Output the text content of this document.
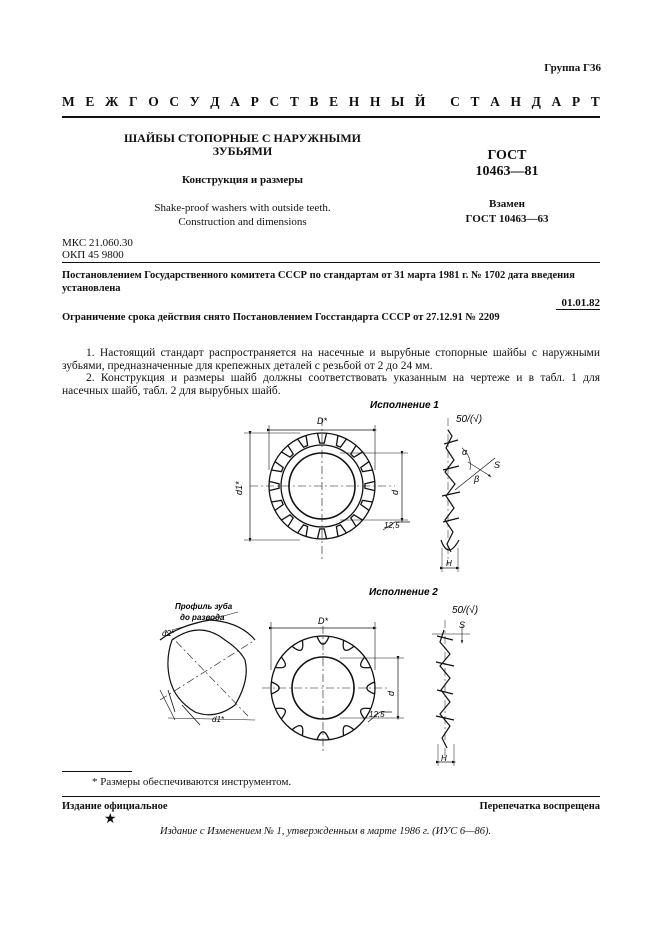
Группа Г36
М Е Ж Г О С У Д А Р С Т В Е Н Н Ы Й
С Т А Н Д А Р Т
ШАЙБЫ СТОПОРНЫЕ С НАРУЖНЫМИ
ЗУБЬЯМИ
Конструкция и размеры
Shake-proof washers with outside teeth.
Construction and dimensions
ГОСТ
10463—81
Взамен
ГОСТ 10463—63
МКС 21.060.30
ОКП 45 9800
Постановлением Государственного комитета СССР по стандартам от 31 марта 1981 г. № 1702 дата введения установлена
01.01.82
Ограничение срока действия снято Постановлением Госстандарта СССР от 27.12.91 № 2209
1. Настоящий стандарт распространяется на насечные и вырубные стопорные шайбы с наружными зубьями, предназначенные для крепежных деталей с резьбой от 2 до 24 мм.
2. Конструкция и размеры шайб должны соответствовать указанным на чертеже и в табл. 1 для насечных шайб, табл. 2 для вырубных шайб.
Исполнение 1
D*
d1*	d
12,5
50/(√)
α
β
S
H
Исполнение 2
Профиль зуба
до развода
d2*
d1*
D*
d
12,5
50/(√)
S
H
* Размеры обеспечиваются инструментом.
Издание официальное	Перепечатка воспрещена
★
Издание с Изменением № 1, утвержденным в марте 1986 г. (ИУС 6—86).
